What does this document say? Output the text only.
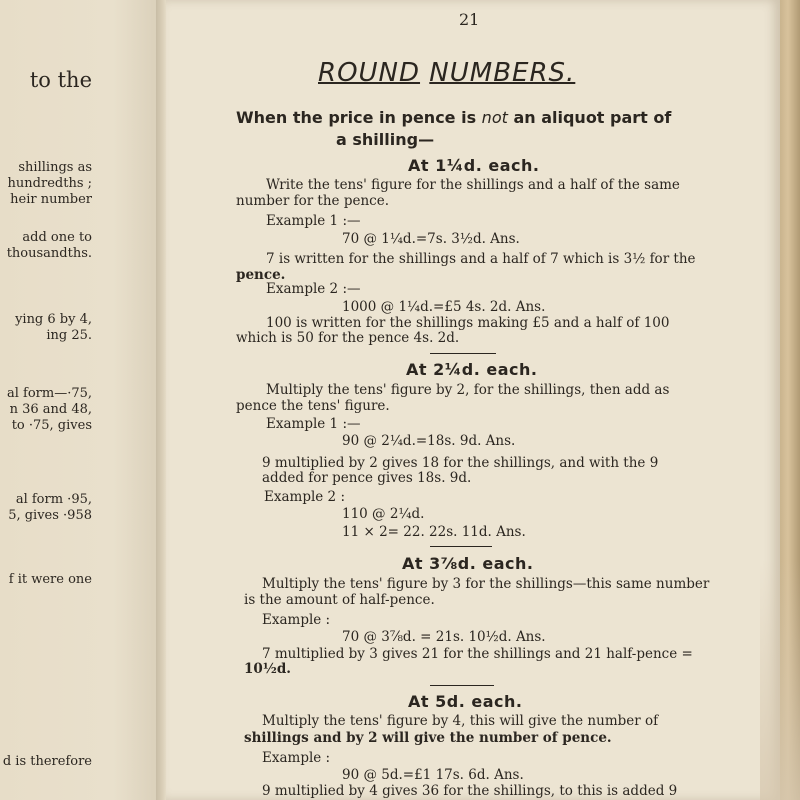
to the
shillings as
hundredths ;
heir number
add one to
thousandths.
ying 6 by 4,
ing 25.
al form—·75,
n 36 and 48,
to ·75, gives
al form ·95,
5, gives ·958
f it were one
d is therefore
21
ROUND NUMBERS.
When the price in pence is not an aliquot part of
a shilling—
At 1¼d. each.
Write the tens' figure for the shillings and a half of the same
number for the pence.
Example 1 :—
70 @ 1¼d.=7s. 3½d. Ans.
7 is written for the shillings and a half of 7 which is 3½ for the
pence.
Example 2 :—
1000 @ 1¼d.=£5 4s. 2d. Ans.
100 is written for the shillings making £5 and a half of 100
which is 50 for the pence 4s. 2d.
At 2¼d. each.
Multiply the tens' figure by 2, for the shillings, then add as
pence the tens' figure.
Example 1 :—
90 @ 2¼d.=18s. 9d. Ans.
9 multiplied by 2 gives 18 for the shillings, and with the 9
added for pence gives 18s. 9d.
Example 2 :
110 @ 2¼d.
11 × 2= 22. 22s. 11d. Ans.
At 3⅞d. each.
Multiply the tens' figure by 3 for the shillings—this same number
is the amount of half-pence.
Example :
70 @ 3⅞d. = 21s. 10½d. Ans.
7 multiplied by 3 gives 21 for the shillings and 21 half-pence =
10½d.
At 5d. each.
Multiply the tens' figure by 4, this will give the number of
shillings and by 2 will give the number of pence.
Example :
90 @ 5d.=£1 17s. 6d. Ans.
9 multiplied by 4 gives 36 for the shillings, to this is added 9
